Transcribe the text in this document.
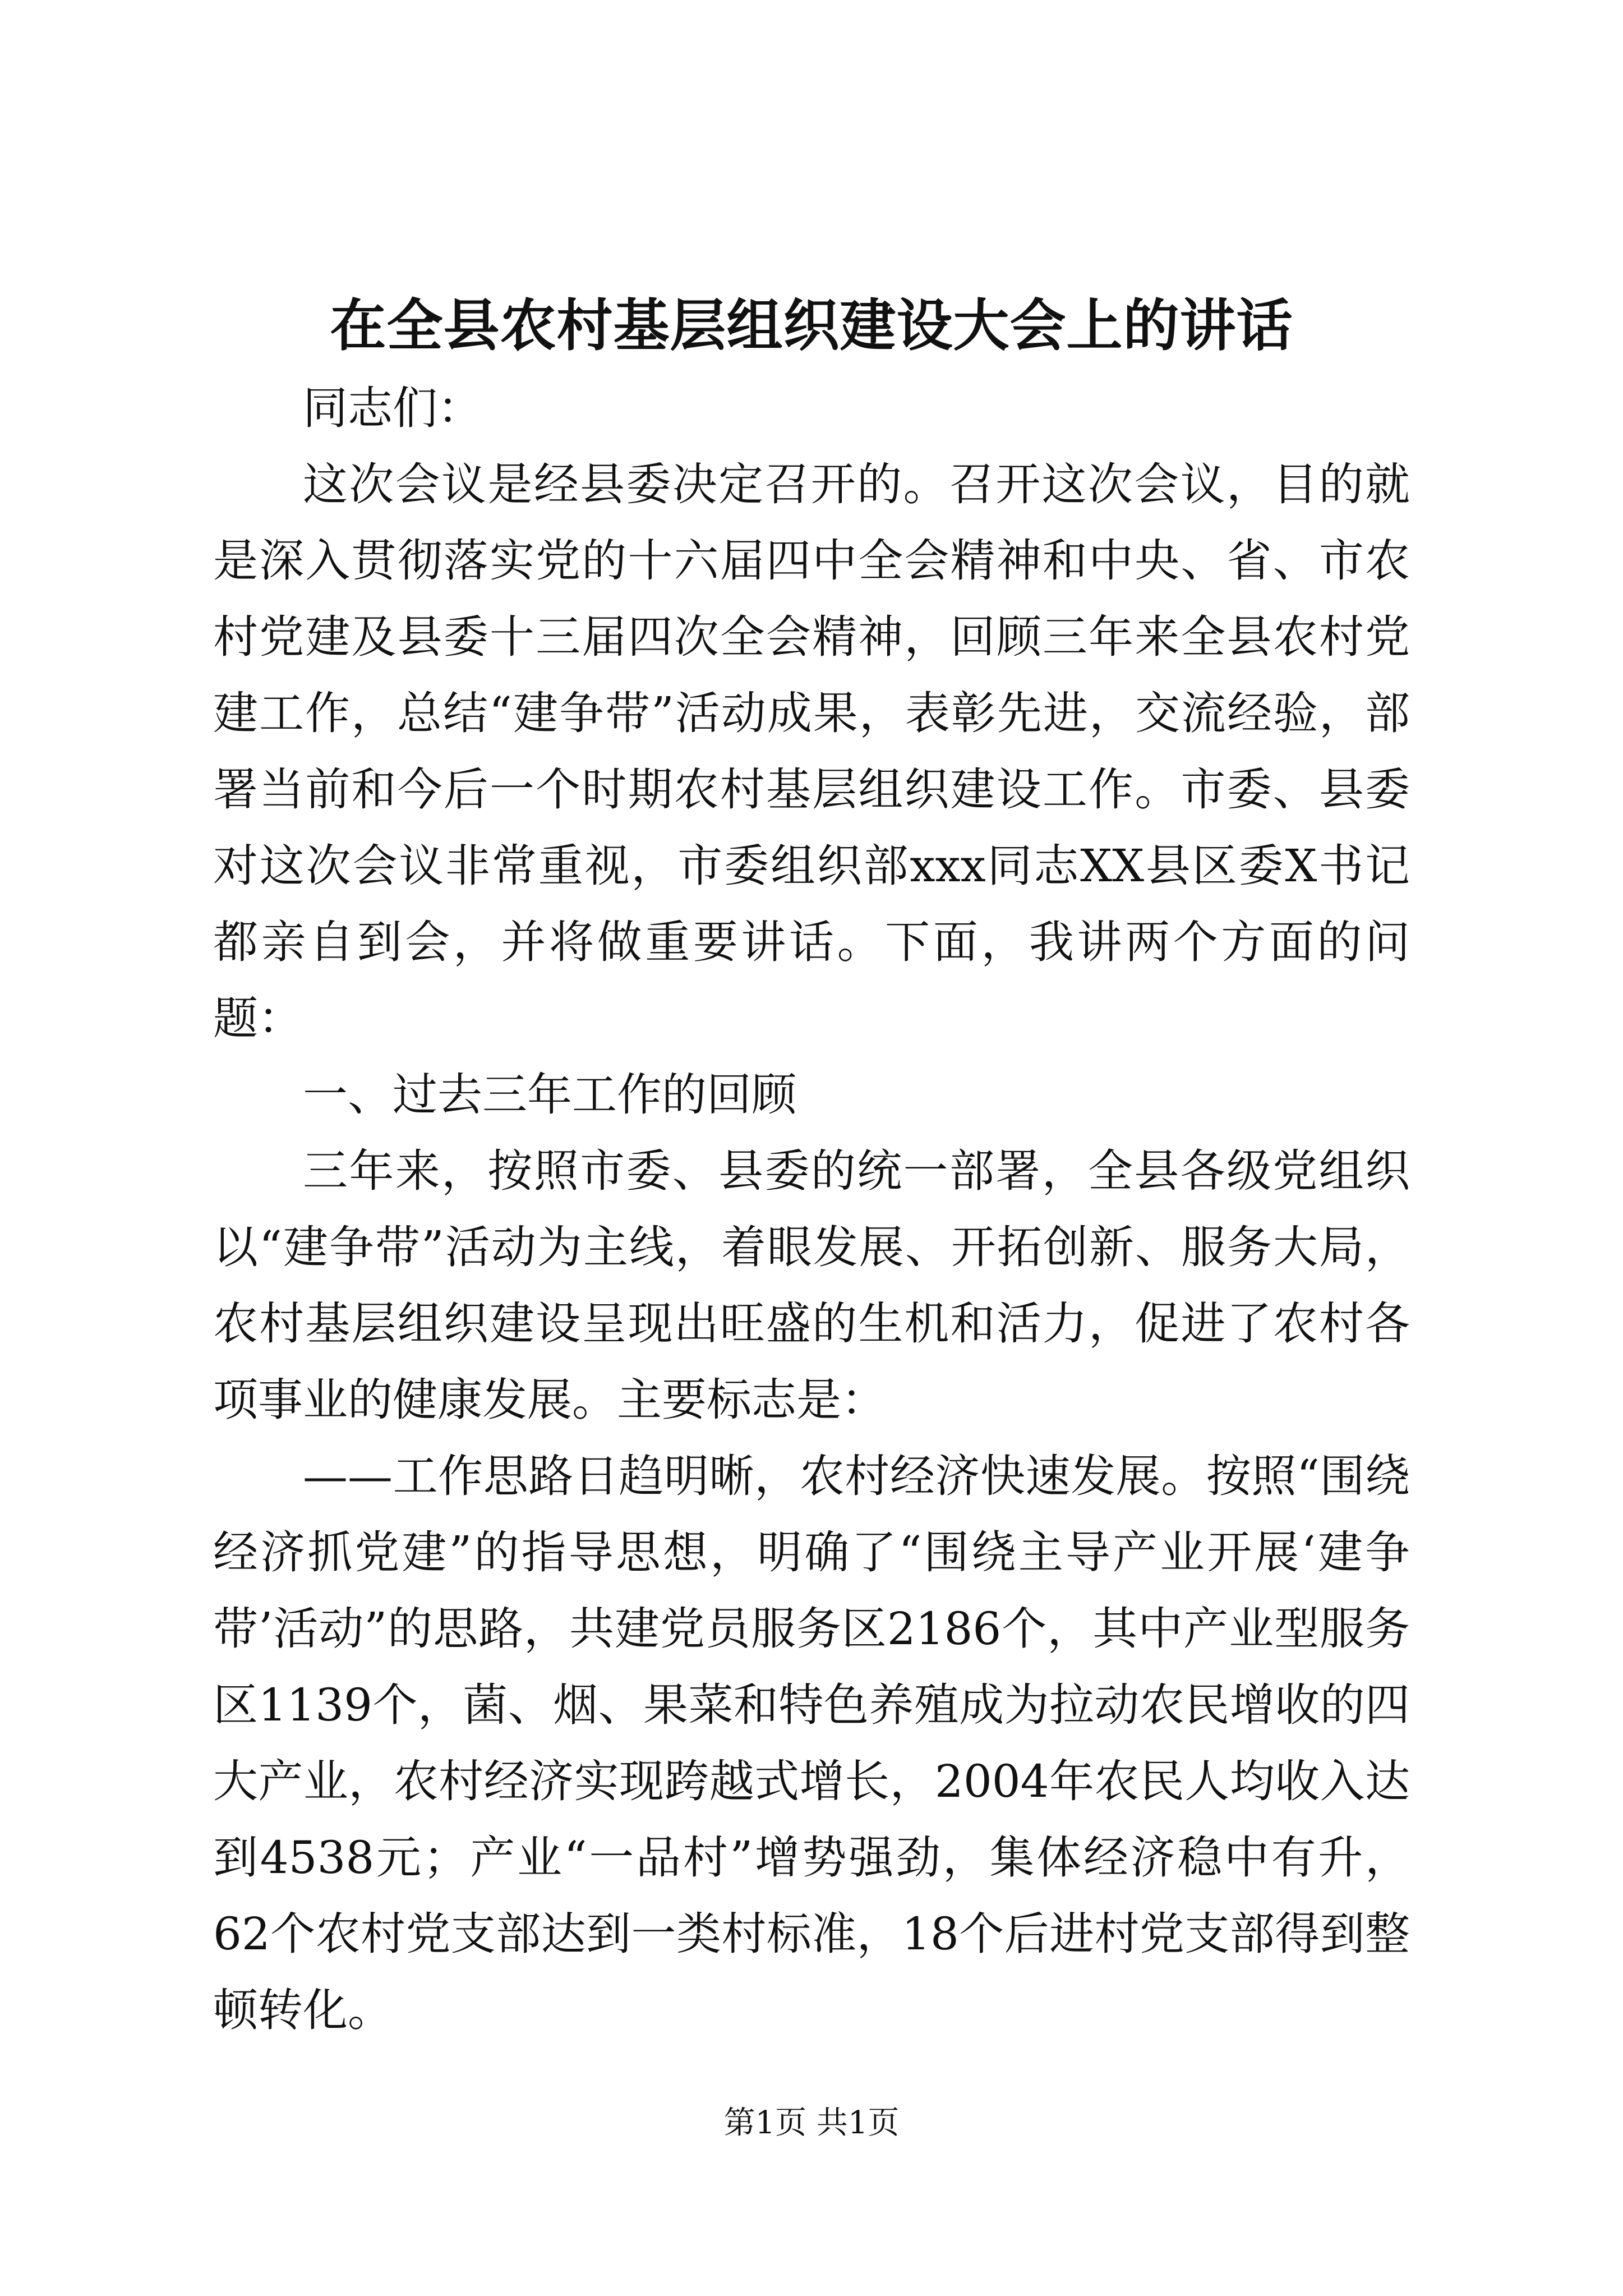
在全县农村基层组织建设大会上的讲话

同志们：

这次会议是经县委决定召开的。召开这次会议，目的就是深入贯彻落实党的十六届四中全会精神和中央、省、市农村党建及县委十三届四次全会精神，回顾三年来全县农村党建工作，总结“建争带”活动成果，表彰先进，交流经验，部署当前和今后一个时期农村基层组织建设工作。市委、县委对这次会议非常重视，市委组织部xxx同志XX县区委X书记都亲自到会，并将做重要讲话。下面，我讲两个方面的问题：

一、过去三年工作的回顾

三年来，按照市委、县委的统一部署，全县各级党组织以“建争带”活动为主线，着眼发展、开拓创新、服务大局，农村基层组织建设呈现出旺盛的生机和活力，促进了农村各项事业的健康发展。主要标志是：

——工作思路日趋明晰，农村经济快速发展。按照“围绕经济抓党建”的指导思想，明确了“围绕主导产业开展‘建争带’活动”的思路，共建党员服务区2186个，其中产业型服务区1139个，菌、烟、果菜和特色养殖成为拉动农民增收的四大产业，农村经济实现跨越式增长，2004年农民人均收入达到4538元；产业“一品村”增势强劲，集体经济稳中有升，62个农村党支部达到一类村标准，18个后进村党支部得到整顿转化。

第1页 共1页
